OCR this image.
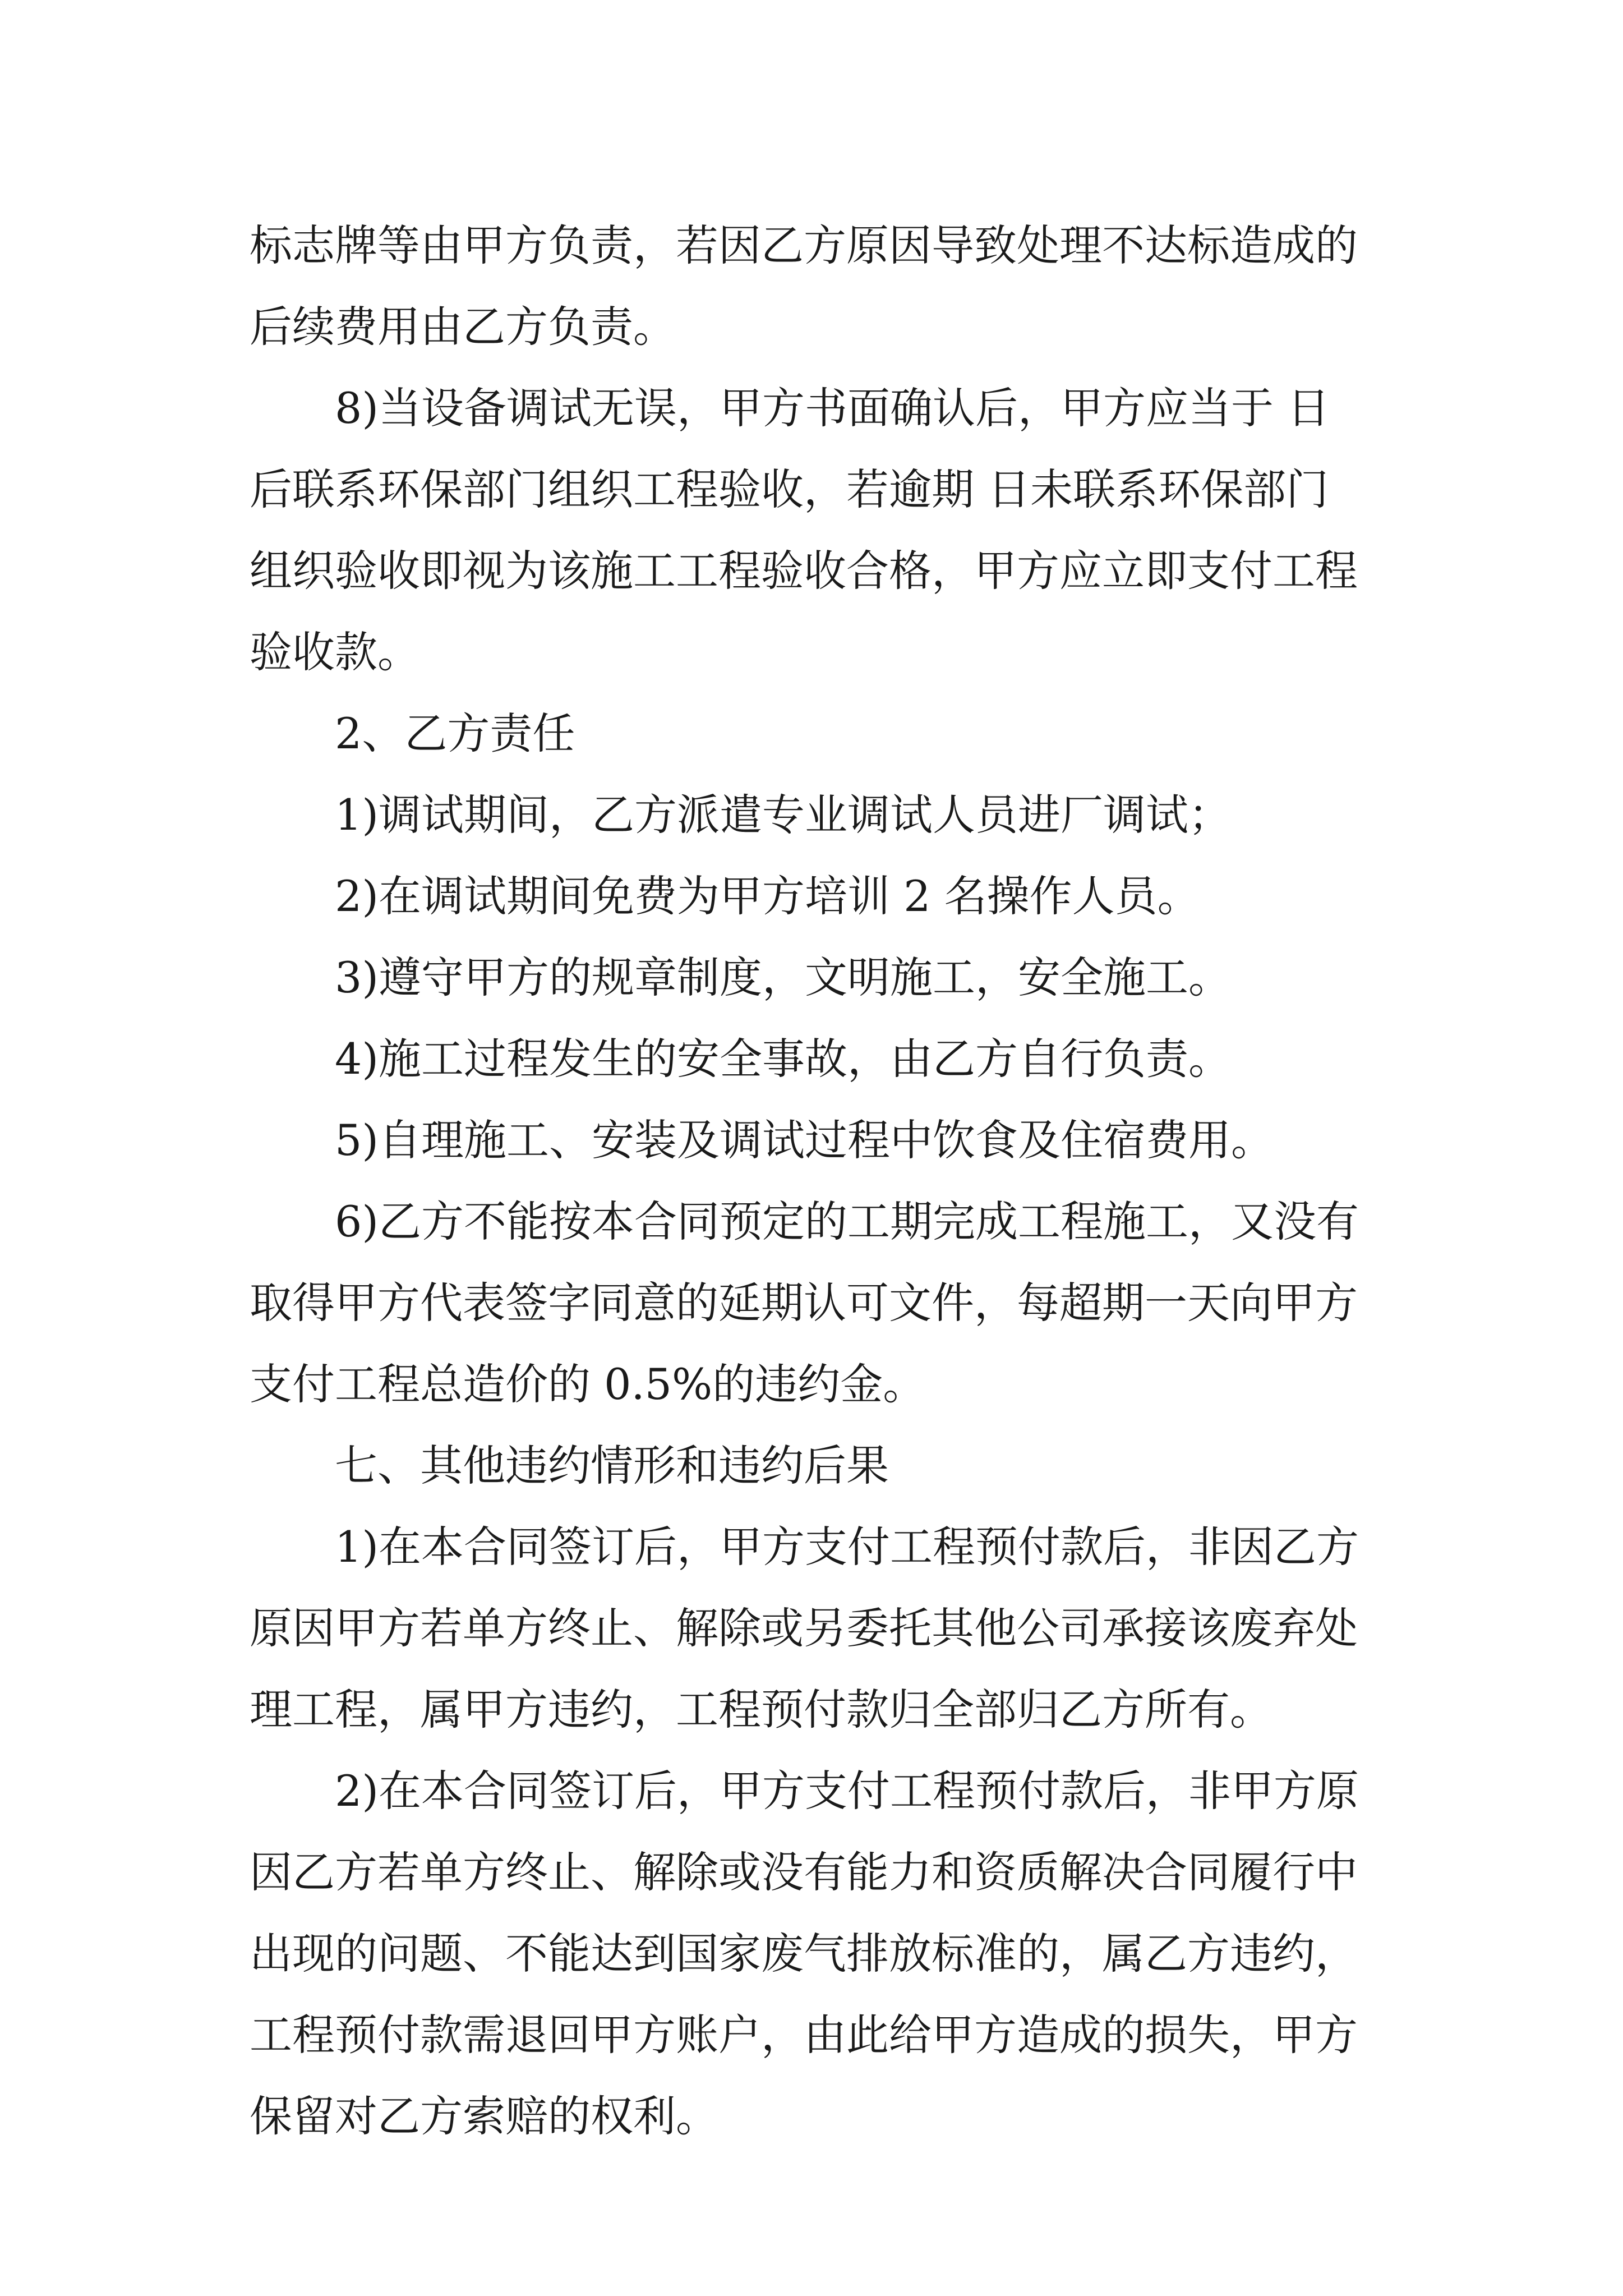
标志牌等由甲方负责，若因乙方原因导致处理不达标造成的
后续费用由乙方负责。
8)当设备调试无误，甲方书面确认后，甲方应当于 日
后联系环保部门组织工程验收，若逾期 日未联系环保部门
组织验收即视为该施工工程验收合格，甲方应立即支付工程
验收款。
2、乙方责任
1)调试期间，乙方派遣专业调试人员进厂调试；
2)在调试期间免费为甲方培训 2 名操作人员。
3)遵守甲方的规章制度，文明施工，安全施工。
4)施工过程发生的安全事故，由乙方自行负责。
5)自理施工、安装及调试过程中饮食及住宿费用。
6)乙方不能按本合同预定的工期完成工程施工，又没有
取得甲方代表签字同意的延期认可文件，每超期一天向甲方
支付工程总造价的 0.5%的违约金。
七、其他违约情形和违约后果
1)在本合同签订后，甲方支付工程预付款后，非因乙方
原因甲方若单方终止、解除或另委托其他公司承接该废弃处
理工程，属甲方违约，工程预付款归全部归乙方所有。
2)在本合同签订后，甲方支付工程预付款后，非甲方原
因乙方若单方终止、解除或没有能力和资质解决合同履行中
出现的问题、不能达到国家废气排放标准的，属乙方违约，
工程预付款需退回甲方账户，由此给甲方造成的损失，甲方
保留对乙方索赔的权利。
